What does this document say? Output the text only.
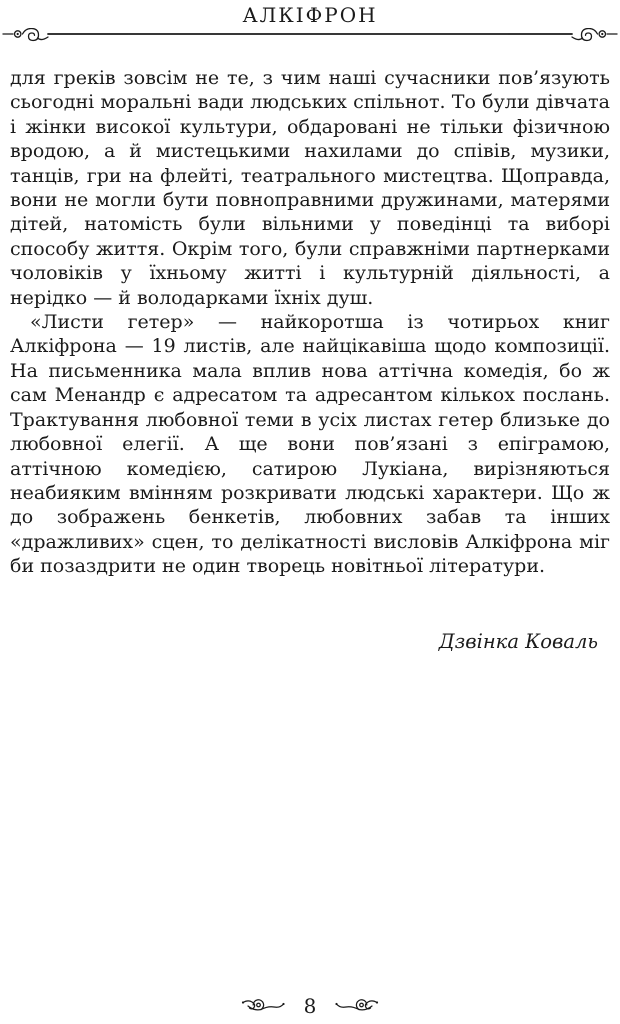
АЛКІФРОН

для греків зовсім не те, з чим наші сучасники пов’язують сьогодні моральні вади людських спільнот. То були дівчата і жінки високої культури, обдаровані не тільки фізичною вродою, а й мистецькими нахилами до співів, музики, танців, гри на флейті, театрального мистецтва. Щоправда, вони не могли бути повноправними дружинами, матерями дітей, натомість були вільними у поведінці та виборі способу життя. Окрім того, були справжніми партнерками чоловіків у їхньому житті і культурній діяльності, а нерідко — й володарками їхніх душ.

«Листи гетер» — найкоротша із чотирьох книг Алкіфрона — 19 листів, але найцікавіша щодо композиції. На письменника мала вплив нова аттічна комедія, бо ж сам Менандр є адресатом та адресантом кількох послань. Трактування любовної теми в усіх листах гетер близьке до любовної елегії. А ще вони пов’язані з епіграмою, аттічною комедією, сатирою Лукіана, вирізняються неабияким вмінням розкривати людські характери. Що ж до зображень бенкетів, любовних забав та інших «дражливих» сцен, то делікатності висловів Алкіфрона міг би позаздрити не один творець новітньої літератури.

Дзвінка Коваль
8
